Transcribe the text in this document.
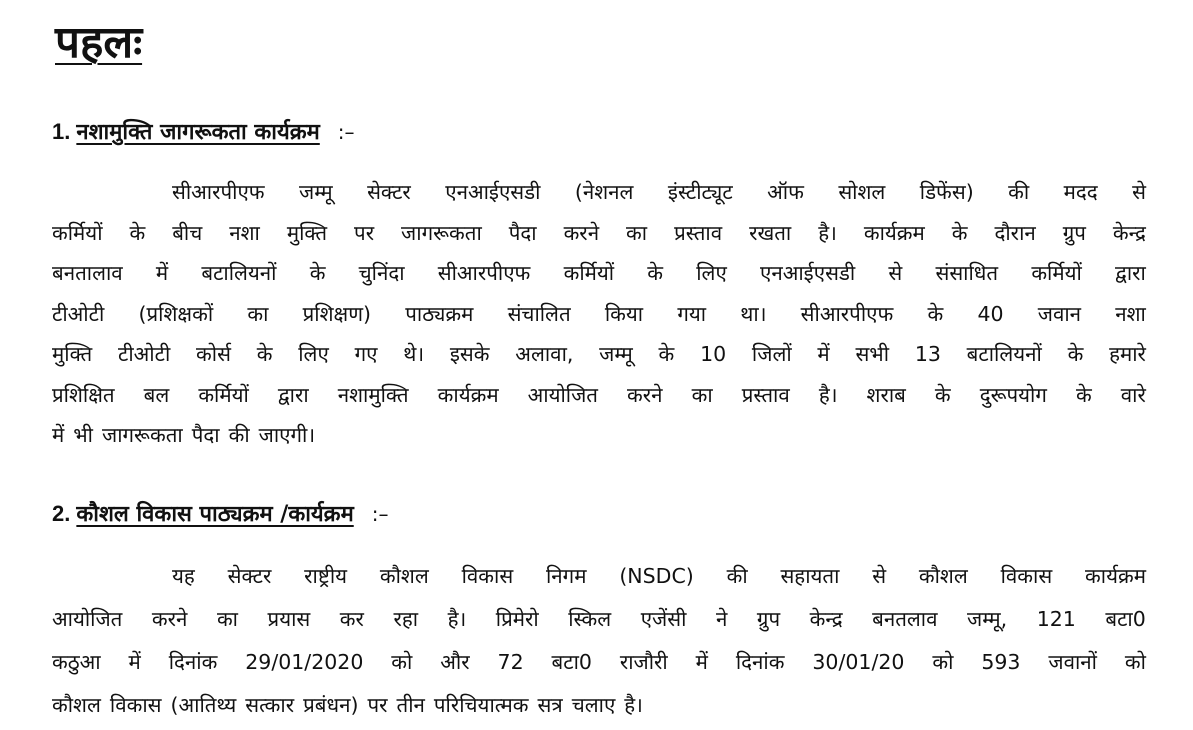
पहलः
1. नशामुक्ति जागरूकता कार्यक्रम :–
सीआरपीएफ जम्मू सेक्टर एनआईएसडी (नेशनल इंस्टीट्यूट ऑफ सोशल डिफेंस) की मदद से
कर्मियों के बीच नशा मुक्ति पर जागरूकता पैदा करने का प्रस्ताव रखता है। कार्यक्रम के दौरान ग्रुप केन्द्र
बनतालाव में बटालियनों के चुनिंदा सीआरपीएफ कर्मियों के लिए एनआईएसडी से संसाधित कर्मियों द्वारा
टीओटी (प्रशिक्षकों का प्रशिक्षण) पाठ्यक्रम संचालित किया गया था। सीआरपीएफ के 40 जवान नशा
मुक्ति टीओटी कोर्स के लिए गए थे। इसके अलावा, जम्मू के 10 जिलों में सभी 13 बटालियनों के हमारे
प्रशिक्षित बल कर्मियों द्वारा नशामुक्ति कार्यक्रम आयोजित करने का प्रस्ताव है। शराब के दुरूपयोग के वारे
में भी जागरूकता पैदा की जाएगी।
2. कौशल विकास पाठ्यक्रम /कार्यक्रम :–
यह सेक्टर राष्ट्रीय कौशल विकास निगम (NSDC) की सहायता से कौशल विकास कार्यक्रम
आयोजित करने का प्रयास कर रहा है। प्रिमेरो स्किल एजेंसी ने ग्रुप केन्द्र बनतलाव जम्मू, 121 बटा0
कठुआ में दिनांक 29/01/2020 को और 72 बटा0 राजौरी में दिनांक 30/01/20 को 593 जवानों को
कौशल विकास (आतिथ्य सत्कार प्रबंधन) पर तीन परिचियात्मक सत्र चलाए है।
